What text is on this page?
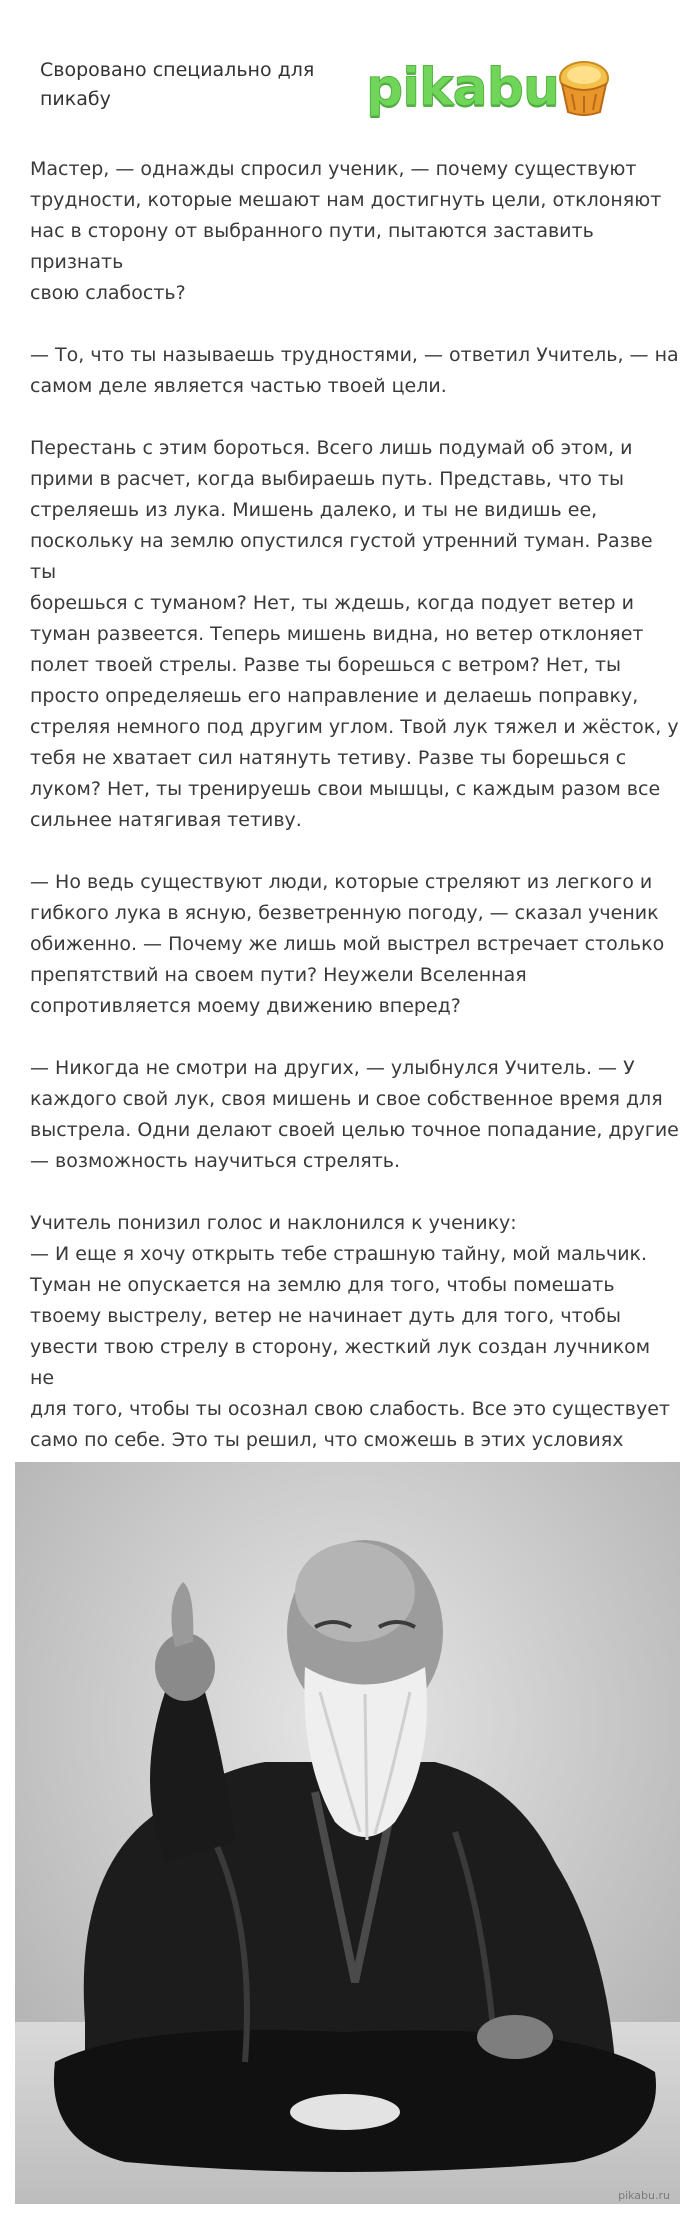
Своровано специально для
пикабу	pikabu

Мастер, — однажды спросил ученик, — почему существуют
трудности, которые мешают нам достигнуть цели, отклоняют
нас в сторону от выбранного пути, пытаются заставить признать
свою слабость?

— То, что ты называешь трудностями, — ответил Учитель, — на
самом деле является частью твоей цели.

Перестань с этим бороться. Всего лишь подумай об этом, и
прими в расчет, когда выбираешь путь. Представь, что ты
стреляешь из лука. Мишень далеко, и ты не видишь ее,
поскольку на землю опустился густой утренний туман. Разве ты
борешься с туманом? Нет, ты ждешь, когда подует ветер и
туман развеется. Теперь мишень видна, но ветер отклоняет
полет твоей стрелы. Разве ты борешься с ветром? Нет, ты
просто определяешь его направление и делаешь поправку,
стреляя немного под другим углом. Твой лук тяжел и жёсток, у
тебя не хватает сил натянуть тетиву. Разве ты борешься с
луком? Нет, ты тренируешь свои мышцы, с каждым разом все
сильнее натягивая тетиву.

— Но ведь существуют люди, которые стреляют из легкого и
гибкого лука в ясную, безветренную погоду, — сказал ученик
обиженно. — Почему же лишь мой выстрел встречает столько
препятствий на своем пути? Неужели Вселенная
сопротивляется моему движению вперед?

— Никогда не смотри на других, — улыбнулся Учитель. — У
каждого свой лук, своя мишень и свое собственное время для
выстрела. Одни делают своей целью точное попадание, другие
— возможность научиться стрелять.

Учитель понизил голос и наклонился к ученику:
— И еще я хочу открыть тебе страшную тайну, мой мальчик.
Туман не опускается на землю для того, чтобы помешать
твоему выстрелу, ветер не начинает дуть для того, чтобы
увести твою стрелу в сторону, жесткий лук создан лучником не
для того, чтобы ты осознал свою слабость. Все это существует
само по себе. Это ты решил, что сможешь в этих условиях

pikabu.ru
